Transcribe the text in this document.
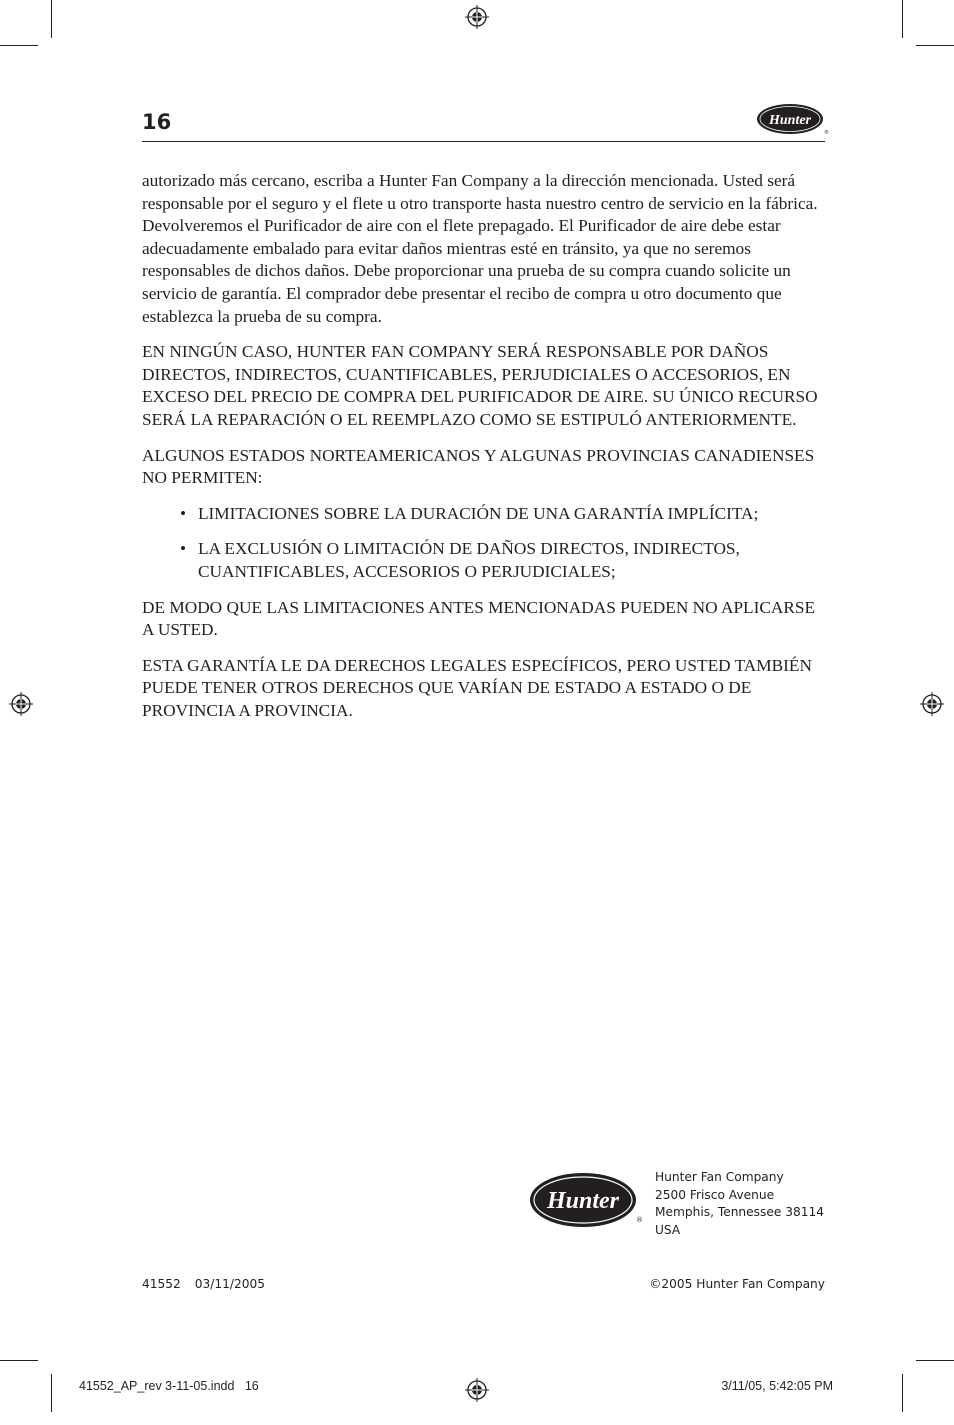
16	Hunter
®

autorizado más cercano, escriba a Hunter Fan Company a la dirección mencionada. Usted será responsable por el seguro y el flete u otro transporte hasta nuestro centro de servicio en la fábrica. Devolveremos el Purificador de aire con el flete prepagado. El Purificador de aire debe estar adecuadamente embalado para evitar daños mientras esté en tránsito, ya que no seremos responsables de dichos daños. Debe proporcionar una prueba de su compra cuando solicite un servicio de garantía. El comprador debe presentar el recibo de compra u otro documento que establezca la prueba de su compra.

EN NINGÚN CASO, HUNTER FAN COMPANY SERÁ RESPONSABLE POR DAÑOS DIRECTOS, INDIRECTOS, CUANTIFICABLES, PERJUDICIALES O ACCESORIOS, EN EXCESO DEL PRECIO DE COMPRA DEL PURIFICADOR DE AIRE. SU ÚNICO RECURSO SERÁ LA REPARACIÓN O EL REEMPLAZO COMO SE ESTIPULÓ ANTERIORMENTE.

ALGUNOS ESTADOS NORTEAMERICANOS Y ALGUNAS PROVINCIAS CANADIENSES NO PERMITEN:

• LIMITACIONES SOBRE LA DURACIÓN DE UNA GARANTÍA IMPLÍCITA;
• LA EXCLUSIÓN O LIMITACIÓN DE DAÑOS DIRECTOS, INDIRECTOS, CUANTIFICABLES, ACCESORIOS O PERJUDICIALES;

DE MODO QUE LAS LIMITACIONES ANTES MENCIONADAS PUEDEN NO APLICARSE A USTED.

ESTA GARANTÍA LE DA DERECHOS LEGALES ESPECÍFICOS, PERO USTED TAMBIÉN PUEDE TENER OTROS DERECHOS QUE VARÍAN DE ESTADO A ESTADO O DE PROVINCIA A PROVINCIA.

Hunter
®
Hunter Fan Company
2500 Frisco Avenue
Memphis, Tennessee 38114
USA
41552 03/11/2005	©2005 Hunter Fan Company
41552_AP_rev 3-11-05.indd   16	3/11/05, 5:42:05 PM
